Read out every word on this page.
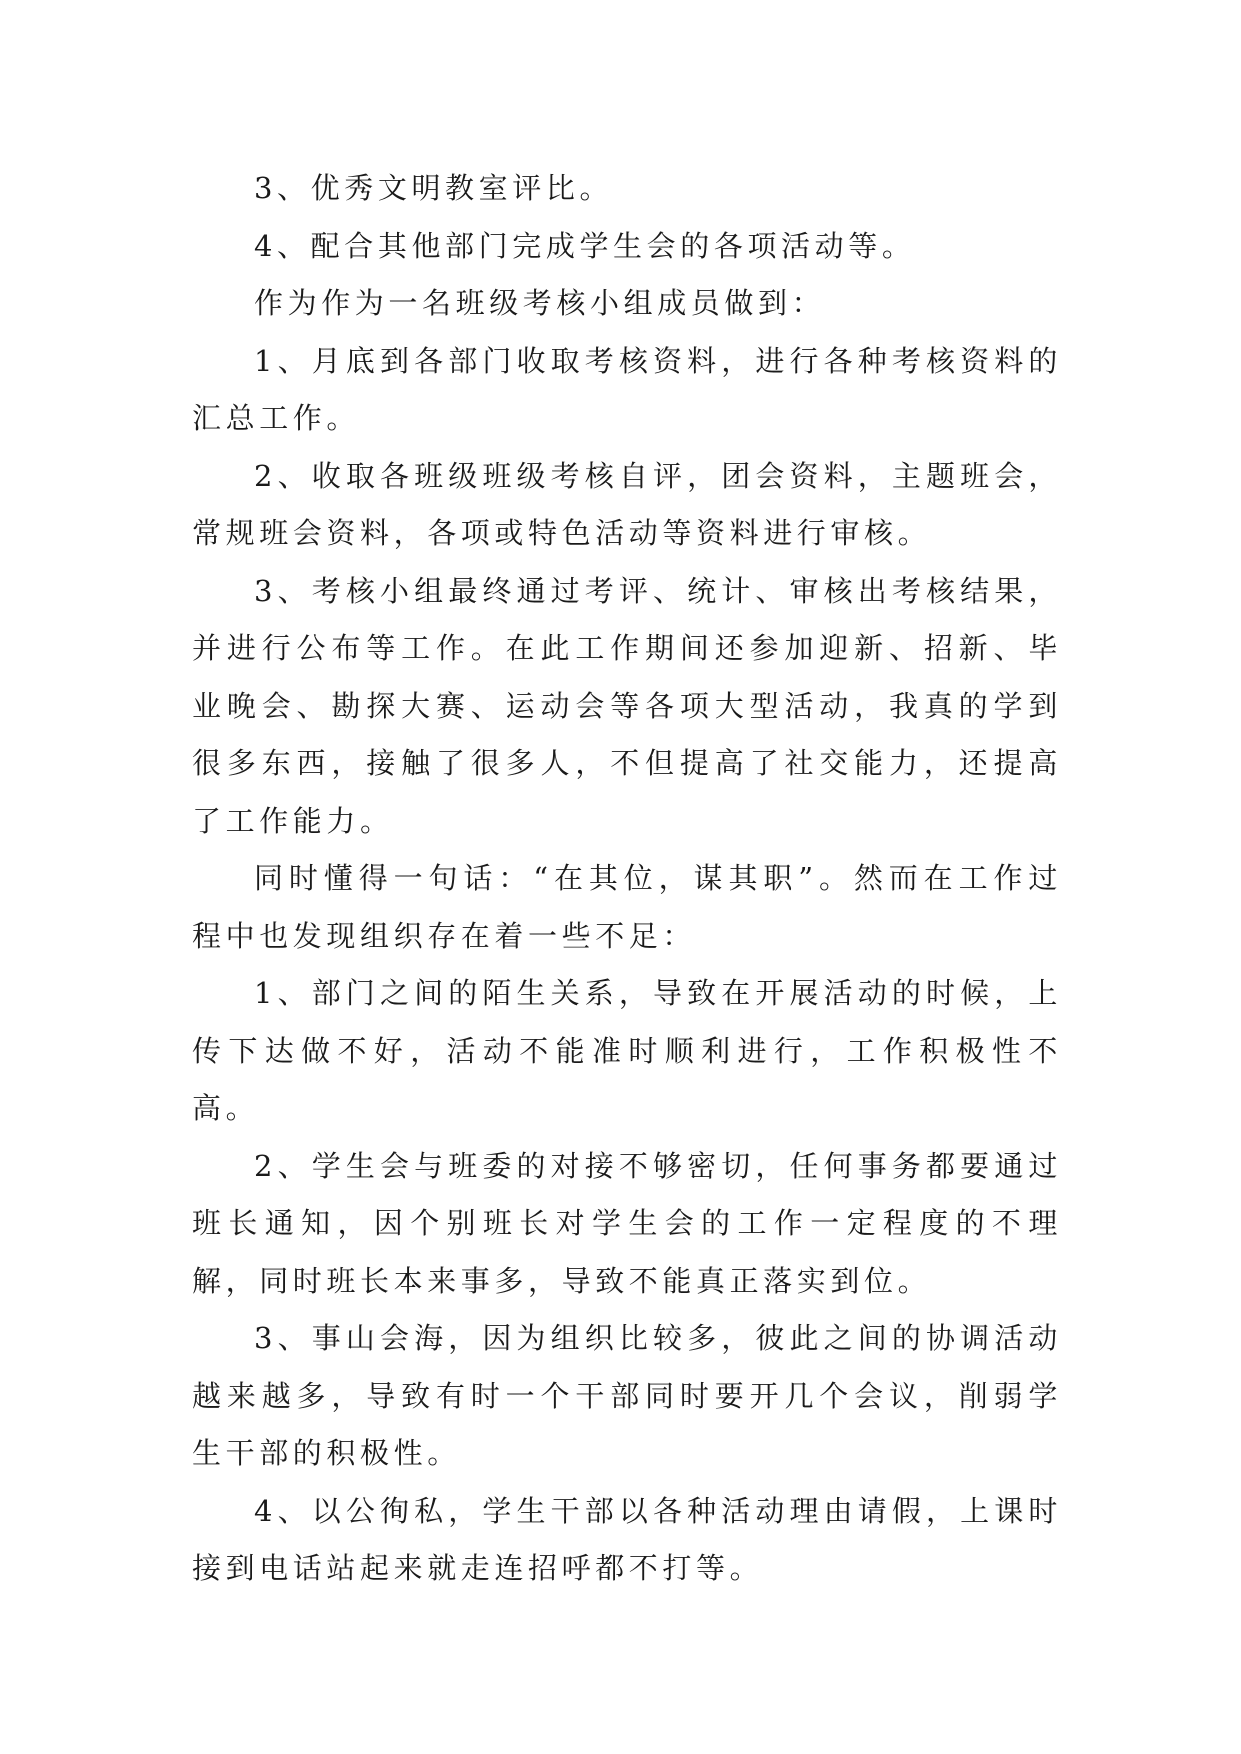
3、优秀文明教室评比。

4、配合其他部门完成学生会的各项活动等。

作为作为一名班级考核小组成员做到：

1、月底到各部门收取考核资料，进行各种考核资料的汇总工作。

2、收取各班级班级考核自评，团会资料，主题班会，常规班会资料，各项或特色活动等资料进行审核。

3、考核小组最终通过考评、统计、审核出考核结果，并进行公布等工作。在此工作期间还参加迎新、招新、毕业晚会、勘探大赛、运动会等各项大型活动，我真的学到很多东西，接触了很多人，不但提高了社交能力，还提高了工作能力。

同时懂得一句话：“在其位，谋其职”。然而在工作过程中也发现组织存在着一些不足：

1、部门之间的陌生关系，导致在开展活动的时候，上传下达做不好，活动不能准时顺利进行，工作积极性不高。

2、学生会与班委的对接不够密切，任何事务都要通过班长通知，因个别班长对学生会的工作一定程度的不理解，同时班长本来事多，导致不能真正落实到位。

3、事山会海，因为组织比较多，彼此之间的协调活动越来越多，导致有时一个干部同时要开几个会议，削弱学生干部的积极性。

4、以公徇私，学生干部以各种活动理由请假，上课时接到电话站起来就走连招呼都不打等。
